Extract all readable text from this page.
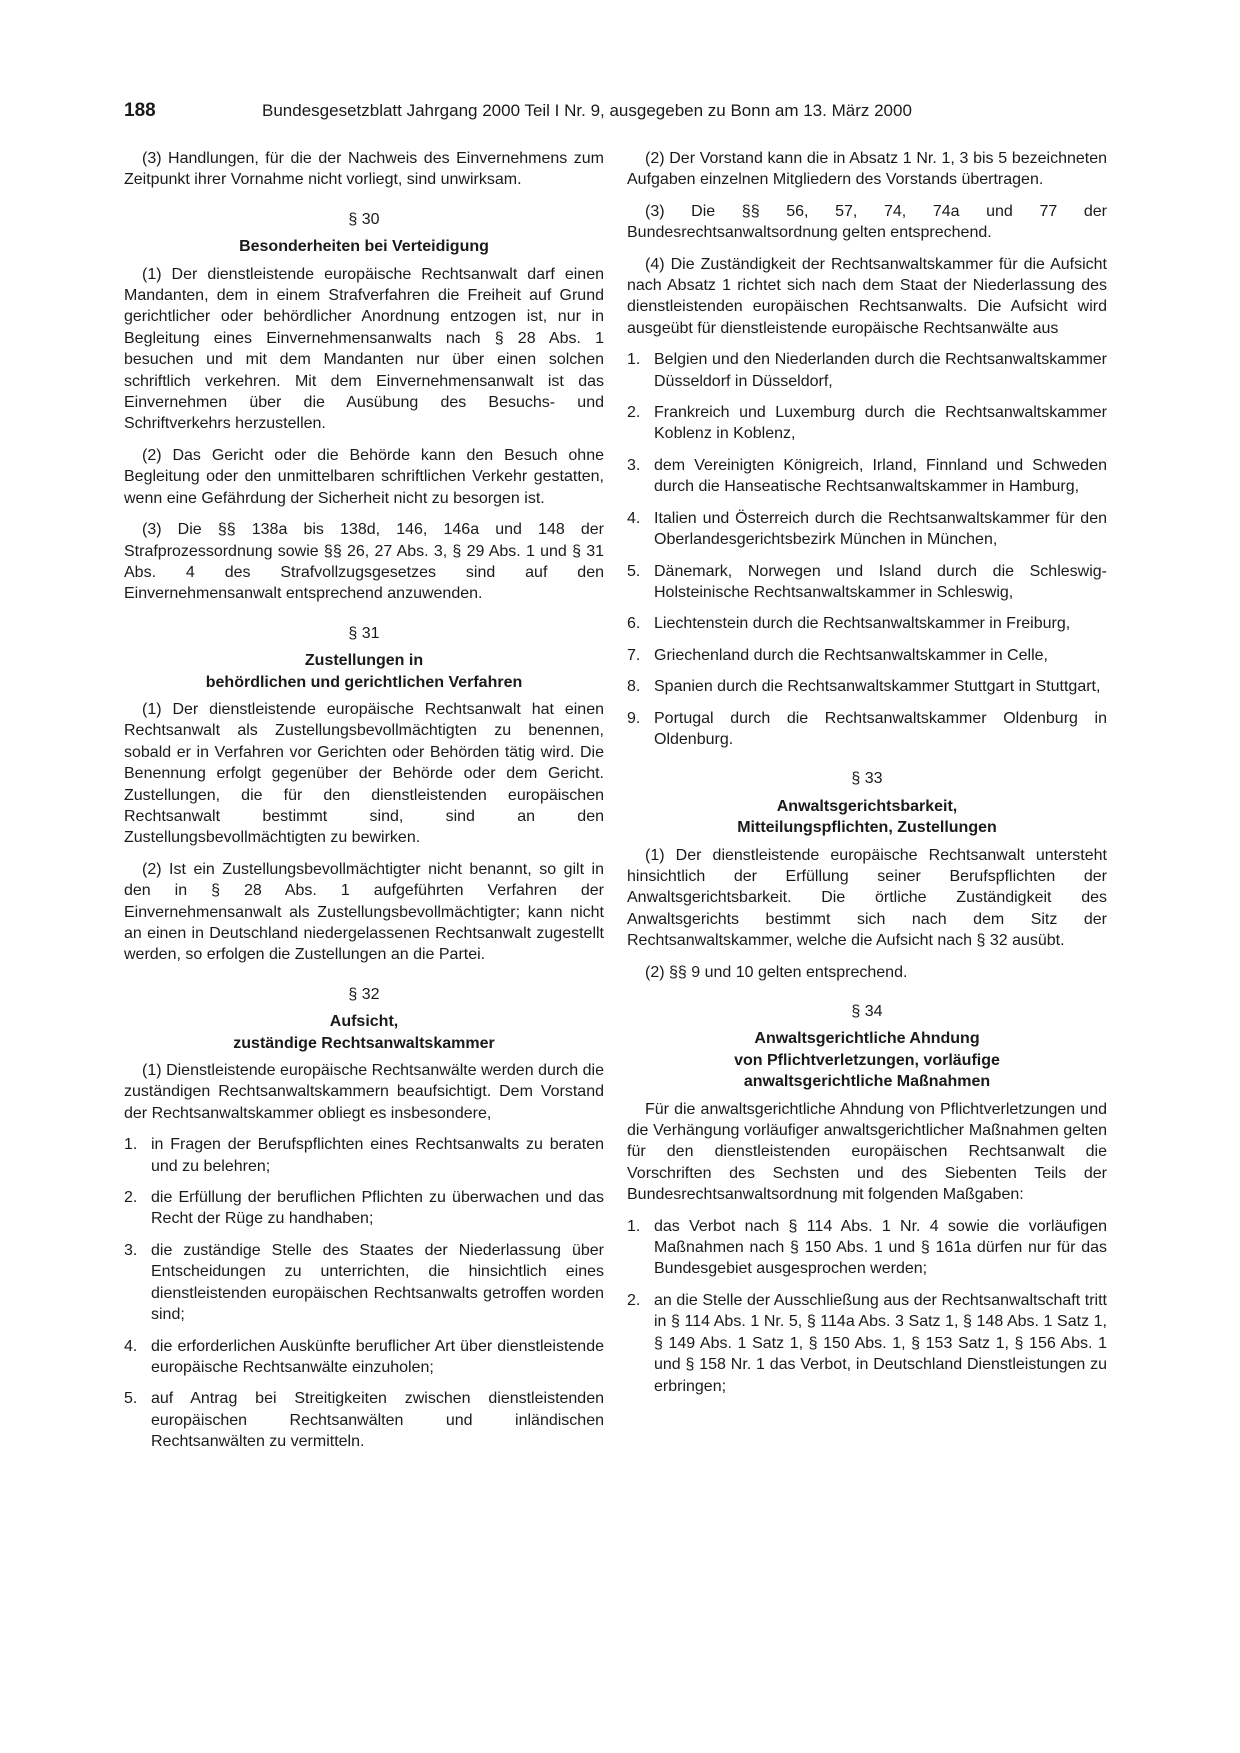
188	Bundesgesetzblatt Jahrgang 2000 Teil I Nr. 9, ausgegeben zu Bonn am 13. März 2000

(3) Handlungen, für die der Nachweis des Einvernehmens zum Zeitpunkt ihrer Vornahme nicht vorliegt, sind unwirksam.

§ 30
Besonderheiten bei Verteidigung

(1) Der dienstleistende europäische Rechtsanwalt darf einen Mandanten, dem in einem Strafverfahren die Freiheit auf Grund gerichtlicher oder behördlicher Anordnung entzogen ist, nur in Begleitung eines Einvernehmensanwalts nach § 28 Abs. 1 besuchen und mit dem Mandanten nur über einen solchen schriftlich verkehren. Mit dem Einvernehmensanwalt ist das Einvernehmen über die Ausübung des Besuchs- und Schriftverkehrs herzustellen.

(2) Das Gericht oder die Behörde kann den Besuch ohne Begleitung oder den unmittelbaren schriftlichen Verkehr gestatten, wenn eine Gefährdung der Sicherheit nicht zu besorgen ist.

(3) Die §§ 138a bis 138d, 146, 146a und 148 der Strafprozessordnung sowie §§ 26, 27 Abs. 3, § 29 Abs. 1 und § 31 Abs. 4 des Strafvollzugsgesetzes sind auf den Einvernehmensanwalt entsprechend anzuwenden.

§ 31
Zustellungen in
behördlichen und gerichtlichen Verfahren

(1) Der dienstleistende europäische Rechtsanwalt hat einen Rechtsanwalt als Zustellungsbevollmächtigten zu benennen, sobald er in Verfahren vor Gerichten oder Behörden tätig wird. Die Benennung erfolgt gegenüber der Behörde oder dem Gericht. Zustellungen, die für den dienstleistenden europäischen Rechtsanwalt bestimmt sind, sind an den Zustellungsbevollmächtigten zu bewirken.

(2) Ist ein Zustellungsbevollmächtigter nicht benannt, so gilt in den in § 28 Abs. 1 aufgeführten Verfahren der Einvernehmensanwalt als Zustellungsbevollmächtigter; kann nicht an einen in Deutschland niedergelassenen Rechtsanwalt zugestellt werden, so erfolgen die Zustellungen an die Partei.

§ 32
Aufsicht,
zuständige Rechtsanwaltskammer

(1) Dienstleistende europäische Rechtsanwälte werden durch die zuständigen Rechtsanwaltskammern beaufsichtigt. Dem Vorstand der Rechtsanwaltskammer obliegt es insbesondere,

1. in Fragen der Berufspflichten eines Rechtsanwalts zu beraten und zu belehren;
2. die Erfüllung der beruflichen Pflichten zu überwachen und das Recht der Rüge zu handhaben;
3. die zuständige Stelle des Staates der Niederlassung über Entscheidungen zu unterrichten, die hinsichtlich eines dienstleistenden europäischen Rechtsanwalts getroffen worden sind;
4. die erforderlichen Auskünfte beruflicher Art über dienstleistende europäische Rechtsanwälte einzuholen;
5. auf Antrag bei Streitigkeiten zwischen dienstleistenden europäischen Rechtsanwälten und inländischen Rechtsanwälten zu vermitteln.

(2) Der Vorstand kann die in Absatz 1 Nr. 1, 3 bis 5 bezeichneten Aufgaben einzelnen Mitgliedern des Vorstands übertragen.

(3) Die §§ 56, 57, 74, 74a und 77 der Bundesrechtsanwaltsordnung gelten entsprechend.

(4) Die Zuständigkeit der Rechtsanwaltskammer für die Aufsicht nach Absatz 1 richtet sich nach dem Staat der Niederlassung des dienstleistenden europäischen Rechtsanwalts. Die Aufsicht wird ausgeübt für dienstleistende europäische Rechtsanwälte aus

1. Belgien und den Niederlanden durch die Rechtsanwaltskammer Düsseldorf in Düsseldorf,
2. Frankreich und Luxemburg durch die Rechtsanwaltskammer Koblenz in Koblenz,
3. dem Vereinigten Königreich, Irland, Finnland und Schweden durch die Hanseatische Rechtsanwaltskammer in Hamburg,
4. Italien und Österreich durch die Rechtsanwaltskammer für den Oberlandesgerichtsbezirk München in München,
5. Dänemark, Norwegen und Island durch die Schleswig-Holsteinische Rechtsanwaltskammer in Schleswig,
6. Liechtenstein durch die Rechtsanwaltskammer in Freiburg,
7. Griechenland durch die Rechtsanwaltskammer in Celle,
8. Spanien durch die Rechtsanwaltskammer Stuttgart in Stuttgart,
9. Portugal durch die Rechtsanwaltskammer Oldenburg in Oldenburg.
§ 33
Anwaltsgerichtsbarkeit,
Mitteilungspflichten, Zustellungen

(1) Der dienstleistende europäische Rechtsanwalt untersteht hinsichtlich der Erfüllung seiner Berufspflichten der Anwaltsgerichtsbarkeit. Die örtliche Zuständigkeit des Anwaltsgerichts bestimmt sich nach dem Sitz der Rechtsanwaltskammer, welche die Aufsicht nach § 32 ausübt.

(2) §§ 9 und 10 gelten entsprechend.

§ 34
Anwaltsgerichtliche Ahndung
von Pflichtverletzungen, vorläufige
anwaltsgerichtliche Maßnahmen

Für die anwaltsgerichtliche Ahndung von Pflichtverletzungen und die Verhängung vorläufiger anwaltsgerichtlicher Maßnahmen gelten für den dienstleistenden europäischen Rechtsanwalt die Vorschriften des Sechsten und des Siebenten Teils der Bundesrechtsanwaltsordnung mit folgenden Maßgaben:

1. das Verbot nach § 114 Abs. 1 Nr. 4 sowie die vorläufigen Maßnahmen nach § 150 Abs. 1 und § 161a dürfen nur für das Bundesgebiet ausgesprochen werden;
2. an die Stelle der Ausschließung aus der Rechtsanwaltschaft tritt in § 114 Abs. 1 Nr. 5, § 114a Abs. 3 Satz 1, § 148 Abs. 1 Satz 1, § 149 Abs. 1 Satz 1, § 150 Abs. 1, § 153 Satz 1, § 156 Abs. 1 und § 158 Nr. 1 das Verbot, in Deutschland Dienstleistungen zu erbringen;
